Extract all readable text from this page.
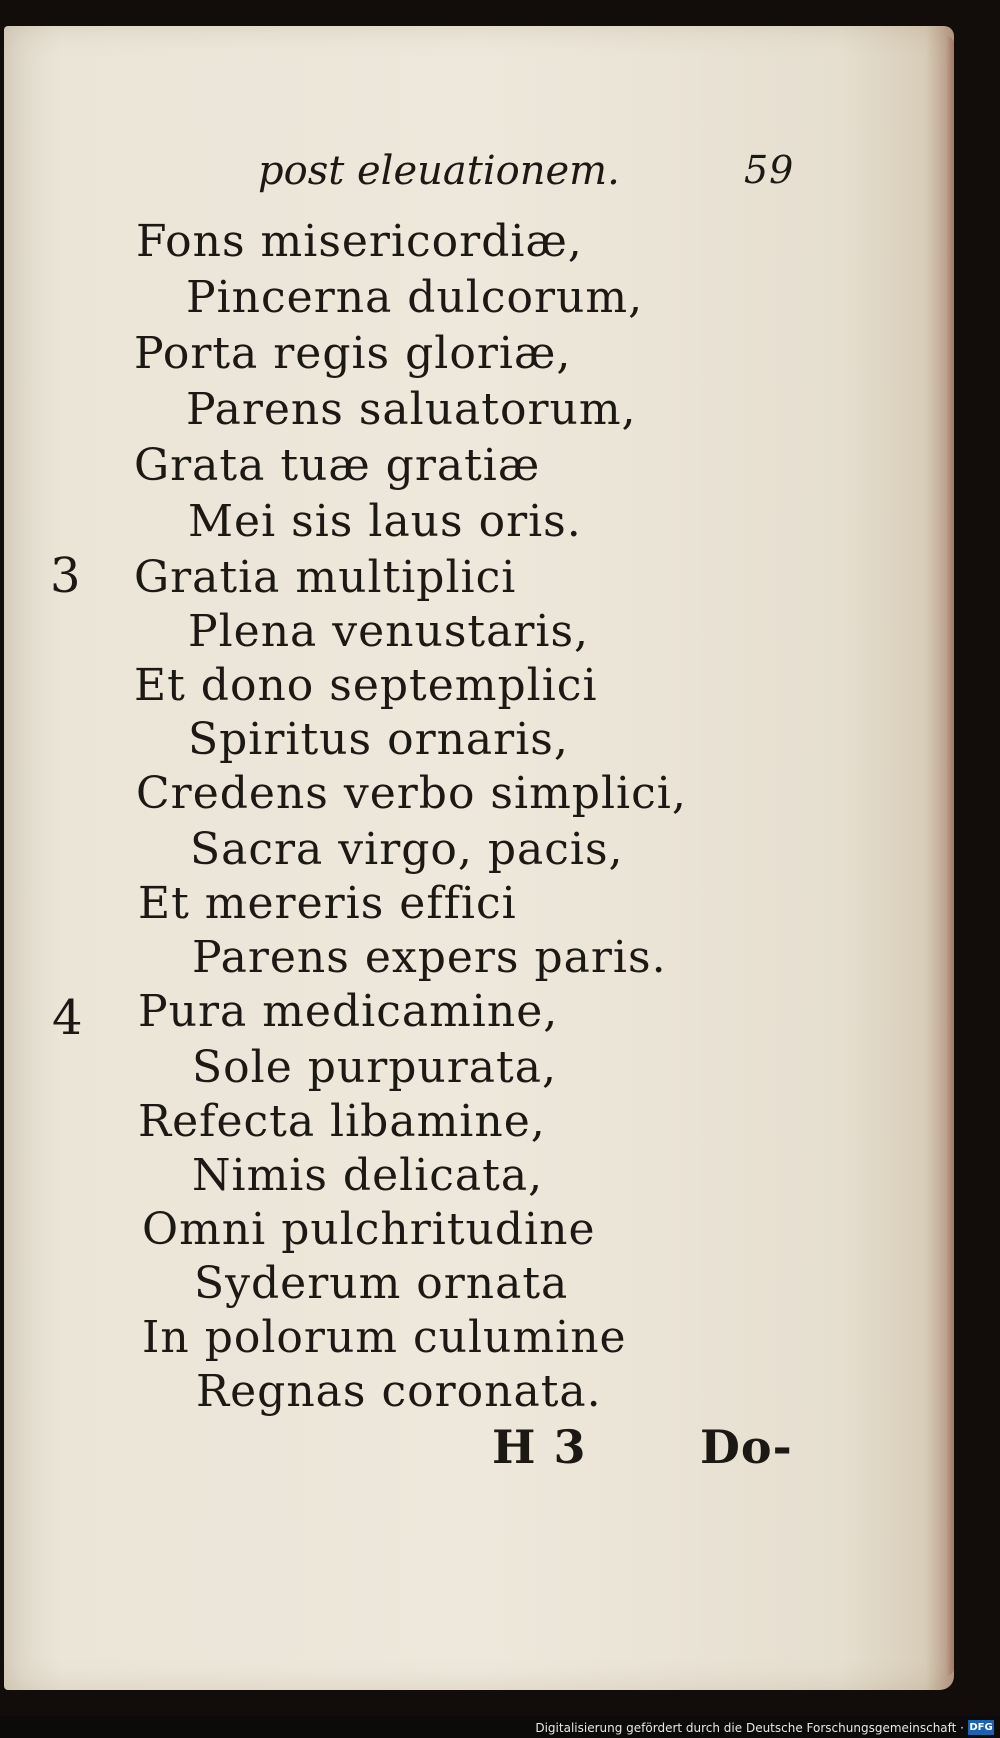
post eleuationem.	59
3
4
Fons misericordiæ,
Pincerna dulcorum,
Porta regis gloriæ,
Parens saluatorum,
Grata tuæ gratiæ
Mei sis laus oris.
Gratia multiplici
Plena venustaris,
Et dono septemplici
Spiritus ornaris,
Credens verbo simplici,
Sacra virgo, pacis,
Et mereris effici
Parens expers paris.
Pura medicamine,
Sole purpurata,
Refecta libamine,
Nimis delicata,
Omni pulchritudine
Syderum ornata
In polorum culumine
Regnas coronata.
H 3 Do-
Digitalisierung gefördert durch die Deutsche Forschungsgemeinschaft · DFG
